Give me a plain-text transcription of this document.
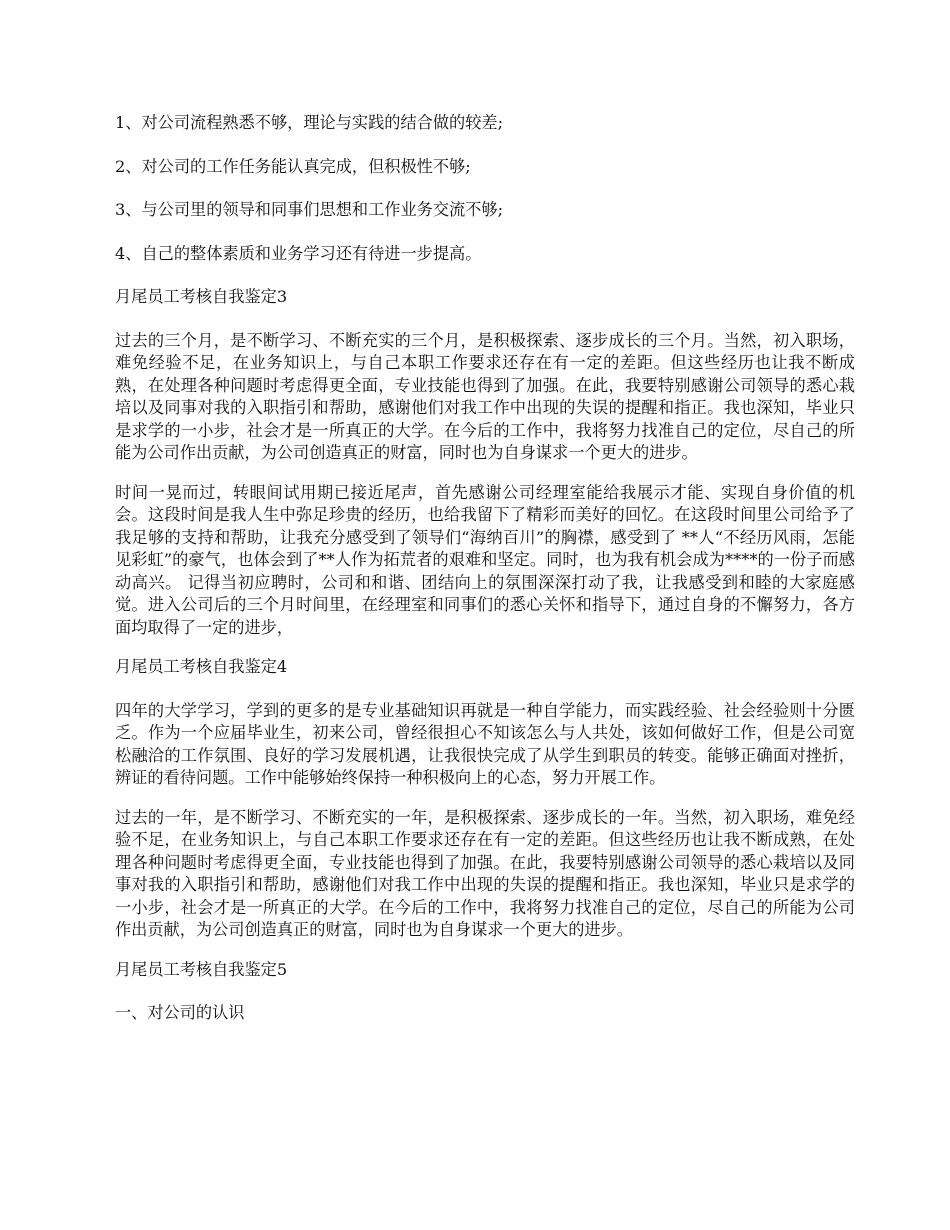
1、对公司流程熟悉不够，理论与实践的结合做的较差;

2、对公司的工作任务能认真完成，但积极性不够;

3、与公司里的领导和同事们思想和工作业务交流不够;

4、自己的整体素质和业务学习还有待进一步提高。

月尾员工考核自我鉴定3

过去的三个月，是不断学习、不断充实的三个月，是积极探索、逐步成长的三个月。当然，初入职场，难免经验不足，在业务知识上，与自己本职工作要求还存在有一定的差距。但这些经历也让我不断成熟，在处理各种问题时考虑得更全面，专业技能也得到了加强。在此，我要特别感谢公司领导的悉心栽培以及同事对我的入职指引和帮助，感谢他们对我工作中出现的失误的提醒和指正。我也深知，毕业只是求学的一小步，社会才是一所真正的大学。在今后的工作中，我将努力找准自己的定位，尽自己的所能为公司作出贡献，为公司创造真正的财富，同时也为自身谋求一个更大的进步。

时间一晃而过，转眼间试用期已接近尾声，首先感谢公司经理室能给我展示才能、实现自身价值的机会。这段时间是我人生中弥足珍贵的经历，也给我留下了精彩而美好的回忆。在这段时间里公司给予了我足够的支持和帮助，让我充分感受到了领导们“海纳百川”的胸襟，感受到了 **人“不经历风雨，怎能见彩虹”的豪气，也体会到了**人作为拓荒者的艰难和坚定。同时，也为我有机会成为****的一份子而感动高兴。 记得当初应聘时，公司和和谐、团结向上的氛围深深打动了我，让我感受到和睦的大家庭感觉。进入公司后的三个月时间里，在经理室和同事们的悉心关怀和指导下，通过自身的不懈努力，各方面均取得了一定的进步，

月尾员工考核自我鉴定4

四年的大学学习，学到的更多的是专业基础知识再就是一种自学能力，而实践经验、社会经验则十分匮乏。作为一个应届毕业生，初来公司，曾经很担心不知该怎么与人共处，该如何做好工作，但是公司宽松融洽的工作氛围、良好的学习发展机遇，让我很快完成了从学生到职员的转变。能够正确面对挫折，辨证的看待问题。工作中能够始终保持一种积极向上的心态，努力开展工作。

过去的一年，是不断学习、不断充实的一年，是积极探索、逐步成长的一年。当然，初入职场，难免经验不足，在业务知识上，与自己本职工作要求还存在有一定的差距。但这些经历也让我不断成熟，在处理各种问题时考虑得更全面，专业技能也得到了加强。在此，我要特别感谢公司领导的悉心栽培以及同事对我的入职指引和帮助，感谢他们对我工作中出现的失误的提醒和指正。我也深知，毕业只是求学的一小步，社会才是一所真正的大学。在今后的工作中，我将努力找准自己的定位，尽自己的所能为公司作出贡献，为公司创造真正的财富，同时也为自身谋求一个更大的进步。

月尾员工考核自我鉴定5

一、对公司的认识
